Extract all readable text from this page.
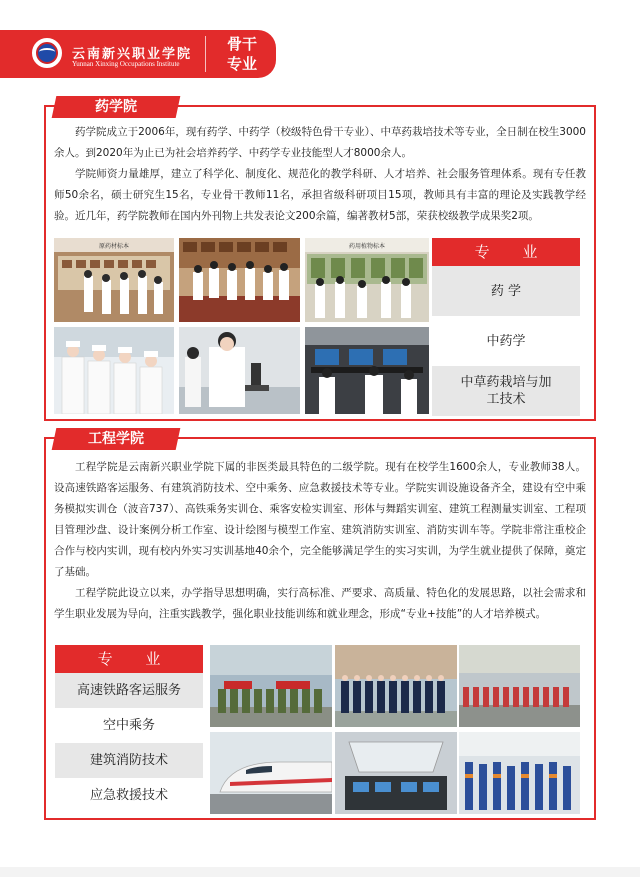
云南新兴职业学院
Yunnan Xinxing Occupations Institute
骨干
专业
药学院

药学院成立于2006年，现有药学、中药学（校级特色骨干专业）、中草药栽培技术等专业，全日制在校生3000余人。到2020年为止已为社会培养药学、中药学专业技能型人才8000余人。

学院师资力量雄厚，建立了科学化、制度化、规范化的教学科研、人才培养、社会服务管理体系。现有专任教师50余名，硕士研究生15名，专业骨干教师11名，承担省级科研项目15项，教师具有丰富的理论及实践教学经验。近几年，药学院教师在国内外刊物上共发表论文200余篇，编著教材5部，荣获校级教学成果奖2项。

原药材标本	药用植物标本	专 业
药 学
中药学
中草药栽培与加工技术
工程学院

工程学院是云南新兴职业学院下属的非医类最具特色的二级学院。现有在校学生1600余人，专业教师38人。设高速铁路客运服务、有建筑消防技术、空中乘务、应急救援技术等专业。学院实训设施设备齐全，建设有空中乘务模拟实训仓（波音737）、高铁乘务实训仓、乘客安检实训室、形体与舞蹈实训室、建筑工程测量实训室、工程项目管理沙盘、设计案例分析工作室、设计绘图与模型工作室、建筑消防实训室、消防实训车等。学院非常注重校企合作与校内实训，现有校内外实习实训基地40余个，完全能够满足学生的实习实训，为学生就业提供了保障，奠定了基础。

工程学院此设立以来，办学指导思想明确，实行高标准、严要求、高质量、特色化的发展思路，以社会需求和学生职业发展为导向，注重实践教学，强化职业技能训练和就业理念，形成“专业+技能”的人才培养模式。

专 业
高速铁路客运服务
空中乘务
建筑消防技术
应急救援技术
